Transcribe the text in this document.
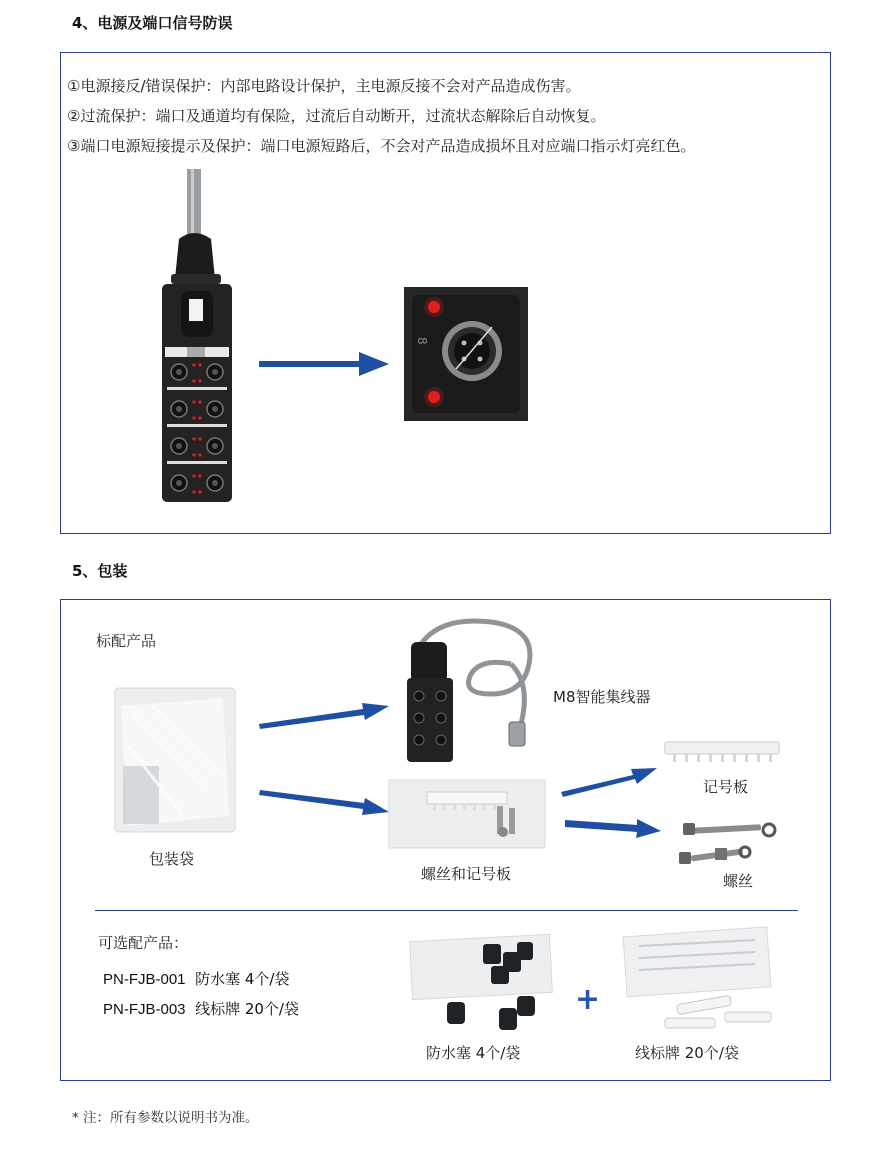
4、电源及端口信号防误
①电源接反/错误保护：内部电路设计保护，主电源反接不会对产品造成伤害。
②过流保护：端口及通道均有保险，过流后自动断开，过流状态解除后自动恢复。
③端口电源短接提示及保护：端口电源短路后，不会对产品造成损坏且对应端口指示灯亮红色。
8
5、包装
标配产品
包装袋
M8智能集线器
螺丝和记号板
记号板
螺丝
可选配产品：
PN-FJB-001 防水塞 4个/袋
PN-FJB-003 线标牌 20个/袋
防水塞 4个/袋
+
线标牌 20个/袋
* 注：所有参数以说明书为准。
